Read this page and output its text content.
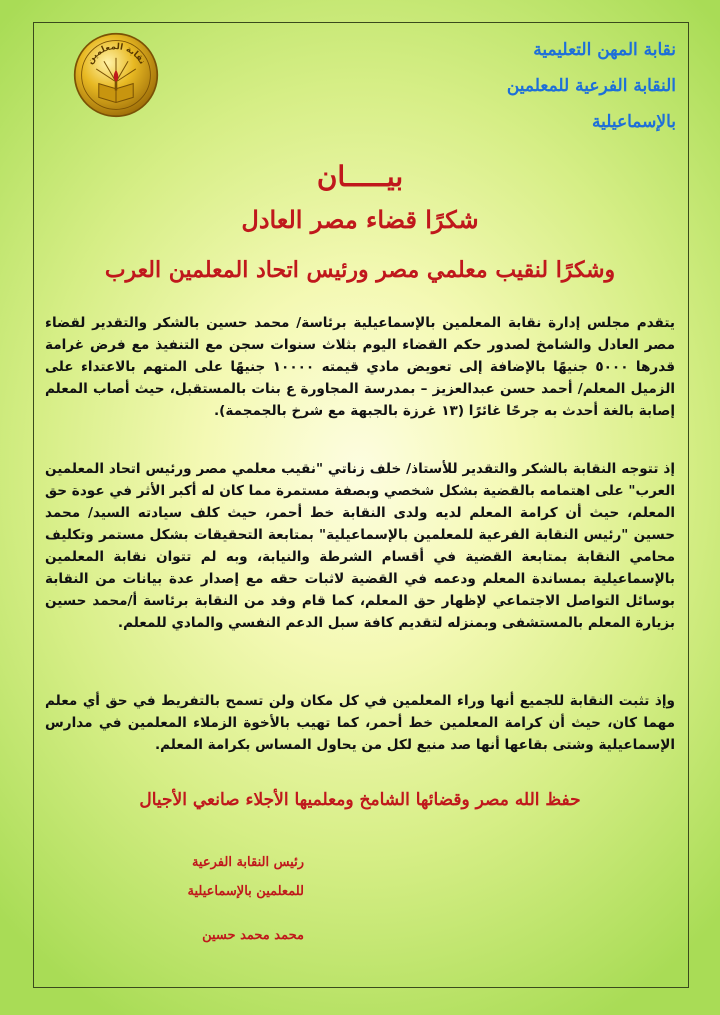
نقابة المهن التعليمية
النقابة الفرعية للمعلمين
بالإسماعيلية
نقابة المعلمين
بيـــــان
شكرًا قضاء مصر العادل
وشكرًا لنقيب معلمي مصر ورئيس اتحاد المعلمين العرب
يتقدم مجلس إدارة نقابة المعلمين بالإسماعيلية برئاسة/ محمد حسين بالشكر والتقدير لقضاء مصر العادل والشامخ لصدور حكم القضاء اليوم بثلاث سنوات سجن مع التنفيذ مع فرض غرامة قدرها ٥٠٠٠ جنيهًا بالإضافة إلى تعويض مادي قيمته ١٠٠٠٠ جنيهًا على المتهم بالاعتداء على الزميل المعلم/ أحمد حسن عبدالعزيز – بمدرسة المجاورة ع بنات بالمستقبل، حيث أصاب المعلم إصابة بالغة أحدث به جرحًا غائرًا (١٣ غرزة بالجبهة مع شرخ بالجمجمة).
إذ تتوجه النقابة بالشكر والتقدير للأستاذ/ خلف زناتي "نقيب معلمي مصر ورئيس اتحاد المعلمين العرب" على اهتمامه بالقضية بشكل شخصي وبصفة مستمرة مما كان له أكبر الأثر في عودة حق المعلم، حيث أن كرامة المعلم لديه ولدى النقابة خط أحمر، حيث كلف سيادته السيد/ محمد حسين "رئيس النقابة الفرعية للمعلمين بالإسماعيلية" بمتابعة التحقيقات بشكل مستمر وتكليف محامي النقابة بمتابعة القضية في أقسام الشرطة والنيابة، وبه لم تتوان نقابة المعلمين بالإسماعيلية بمساندة المعلم ودعمه في القضية لاثبات حقه مع إصدار عدة بيانات من النقابة بوسائل التواصل الاجتماعي لإظهار حق المعلم، كما قام وفد من النقابة برئاسة أ/محمد حسين بزيارة المعلم بالمستشفى وبمنزله لتقديم كافة سبل الدعم النفسي والمادي للمعلم.
وإذ تثبت النقابة للجميع أنها وراء المعلمين في كل مكان ولن تسمح بالتفريط في حق أي معلم مهما كان، حيث أن كرامة المعلمين خط أحمر، كما تهيب بالأخوة الزملاء المعلمين في مدارس الإسماعيلية وشتى بقاعها أنها صد منيع لكل من يحاول المساس بكرامة المعلم.
حفظ الله مصر وقضائها الشامخ ومعلميها الأجلاء صانعي الأجيال
رئيس النقابة الفرعية
للمعلمين بالإسماعيلية
محمد محمد حسين
